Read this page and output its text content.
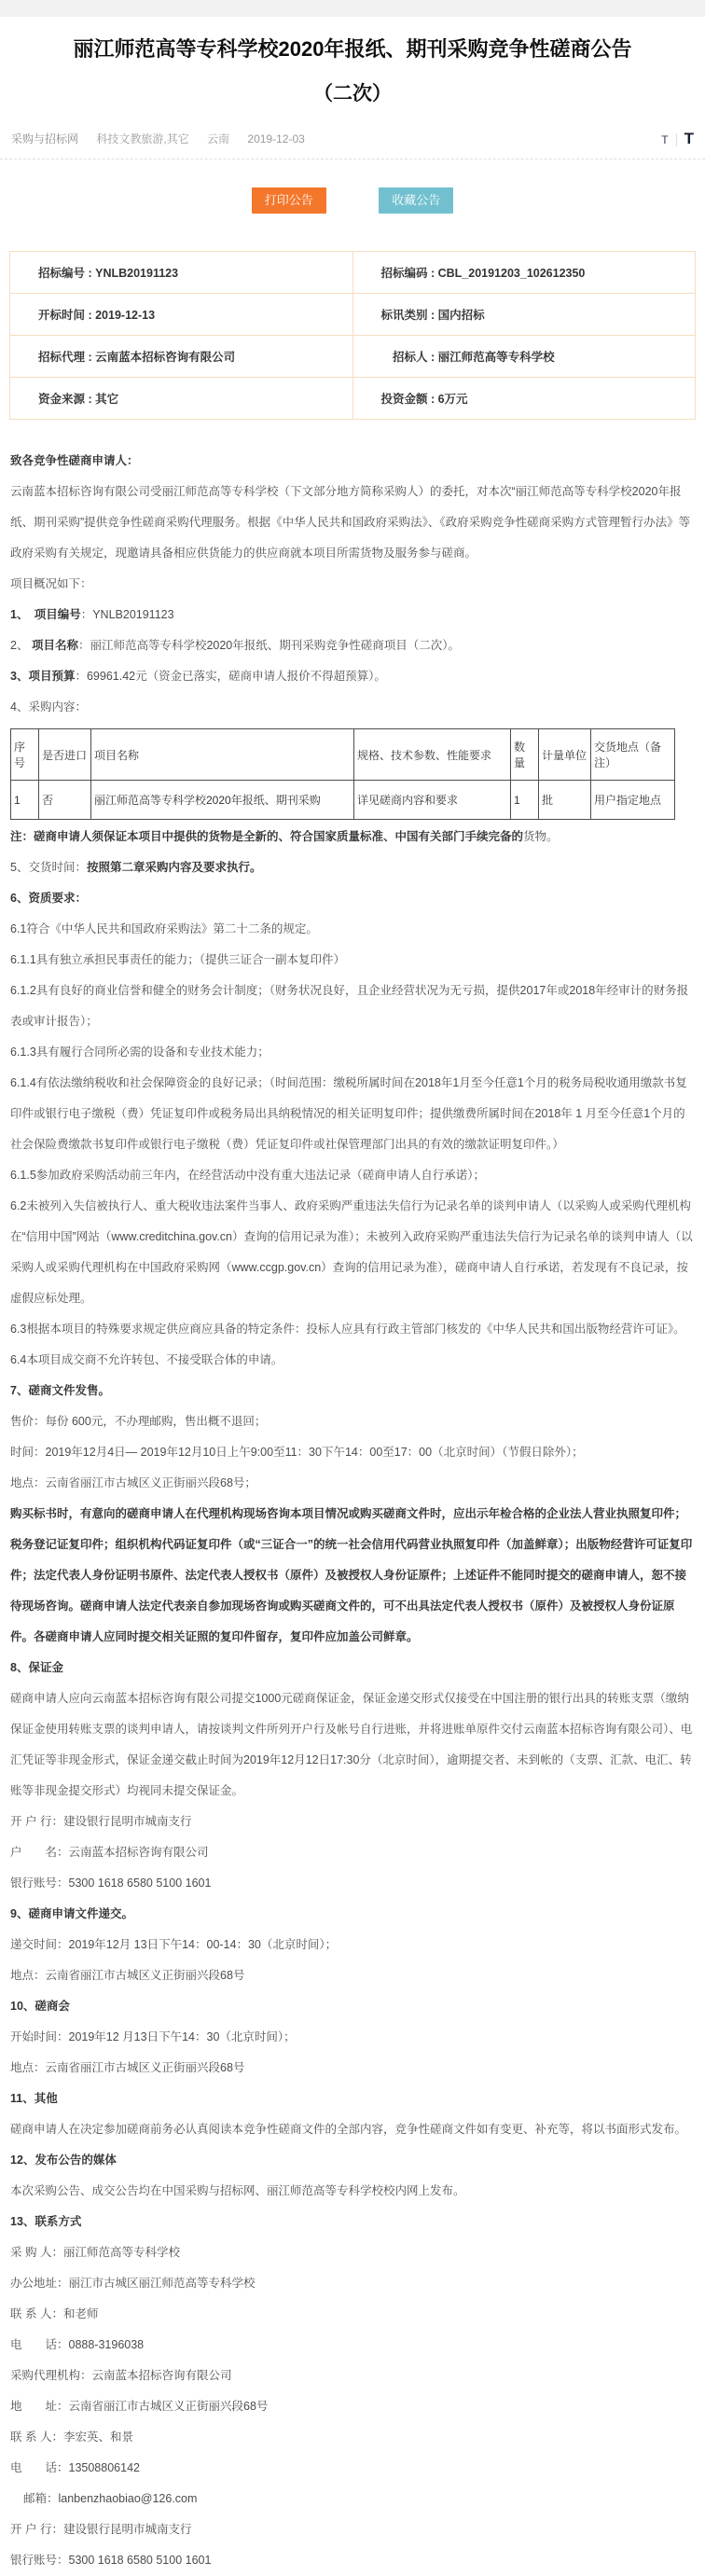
丽江师范高等专科学校2020年报纸、期刊采购竞争性磋商公告
（二次）
采购与招标网 科技文教旅游,其它 云南 2019-12-03	T	T
打印公告	收藏公告
招标编号 : YNLB20191123	招标编码 : CBL_20191203_102612350
开标时间 : 2019-12-13	标讯类别 : 国内招标
招标代理 : 云南蓝本招标咨询有限公司	　招标人 : 丽江师范高等专科学校
资金来源 : 其它	投资金额 : 6万元

致各竞争性磋商申请人：

云南蓝本招标咨询有限公司受丽江师范高等专科学校（下文部分地方简称采购人）的委托，对本次“丽江师范高等专科学校2020年报纸、期刊采购”提供竞争性磋商采购代理服务。根据《中华人民共和国政府采购法》、《政府采购竞争性磋商采购方式管理暂行办法》等政府采购有关规定，现邀请具备相应供货能力的供应商就本项目所需货物及服务参与磋商。

项目概况如下：

1、　项目编号：YNLB20191123

2、 项目名称：丽江师范高等专科学校2020年报纸、期刊采购竞争性磋商项目（二次）。

3、项目预算：69961.42元（资金已落实，磋商申请人报价不得超预算）。

4、采购内容：

序号	是否进口	项目名称	规格、技术参数、性能要求	数量	计量单位	交货地点（备注）
1	否	丽江师范高等专科学校2020年报纸、期刊采购	详见磋商内容和要求	1	批	用户指定地点

注：磋商申请人须保证本项目中提供的货物是全新的、符合国家质量标准、中国有关部门手续完备的货物。

5、交货时间：按照第二章采购内容及要求执行。

6、资质要求：

6.1符合《中华人民共和国政府采购法》第二十二条的规定。

6.1.1具有独立承担民事责任的能力；（提供三证合一副本复印件）

6.1.2具有良好的商业信誉和健全的财务会计制度；（财务状况良好，且企业经营状况为无亏损，提供2017年或2018年经审计的财务报表或审计报告）；

6.1.3具有履行合同所必需的设备和专业技术能力；

6.1.4有依法缴纳税收和社会保障资金的良好记录；（时间范围：缴税所属时间在2018年1月至今任意1个月的税务局税收通用缴款书复印件或银行电子缴税（费）凭证复印件或税务局出具纳税情况的相关证明复印件；提供缴费所属时间在2018年 1 月至今任意1个月的社会保险费缴款书复印件或银行电子缴税（费）凭证复印件或社保管理部门出具的有效的缴款证明复印件。）

6.1.5参加政府采购活动前三年内，在经营活动中没有重大违法记录（磋商申请人自行承诺）；

6.2未被列入失信被执行人、重大税收违法案件当事人、政府采购严重违法失信行为记录名单的谈判申请人（以采购人或采购代理机构在“信用中国”网站（www.creditchina.gov.cn）查询的信用记录为准）；未被列入政府采购严重违法失信行为记录名单的谈判申请人（以采购人或采购代理机构在中国政府采购网（www.ccgp.gov.cn）查询的信用记录为准），磋商申请人自行承诺，若发现有不良记录，按虚假应标处理。

6.3根据本项目的特殊要求规定供应商应具备的特定条件：投标人应具有行政主管部门核发的《中华人民共和国出版物经营许可证》。

6.4本项目成交商不允许转包、不接受联合体的申请。

7、磋商文件发售。

售价：每份 600元，不办理邮购，售出概不退回；

时间：2019年12月4日— 2019年12月10日上午9:00至11：30下午14：00至17：00（北京时间）（节假日除外）；

地点：云南省丽江市古城区义正街丽兴段68号；

购买标书时，有意向的磋商申请人在代理机构现场咨询本项目情况或购买磋商文件时，应出示年检合格的企业法人营业执照复印件；税务登记证复印件；组织机构代码证复印件（或“三证合一”的统一社会信用代码营业执照复印件（加盖鲜章）；出版物经营许可证复印件；法定代表人身份证明书原件、法定代表人授权书（原件）及被授权人身份证原件；上述证件不能同时提交的磋商申请人，恕不接待现场咨询。磋商申请人法定代表亲自参加现场咨询或购买磋商文件的，可不出具法定代表人授权书（原件）及被授权人身份证原件。各磋商申请人应同时提交相关证照的复印件留存，复印件应加盖公司鲜章。

8、保证金

磋商申请人应向云南蓝本招标咨询有限公司提交1000元磋商保证金，保证金递交形式仅接受在中国注册的银行出具的转账支票（缴纳保证金使用转账支票的谈判申请人，请按谈判文件所列开户行及帐号自行进账，并将进账单原件交付云南蓝本招标咨询有限公司）、电汇凭证等非现金形式，保证金递交截止时间为2019年12月12日17:30分（北京时间），逾期提交者、未到帐的（支票、汇款、电汇、转账等非现金提交形式）均视同未提交保证金。

开 户 行：建设银行昆明市城南支行

户　　名：云南蓝本招标咨询有限公司

银行账号：5300 1618 6580 5100 1601

9、磋商申请文件递交。

递交时间：2019年12月 13日下午14：00-14：30（北京时间）；

地点：云南省丽江市古城区义正街丽兴段68号

10、磋商会

开始时间：2019年12 月13日下午14：30（北京时间）；

地点：云南省丽江市古城区义正街丽兴段68号

11、其他

磋商申请人在决定参加磋商前务必认真阅读本竞争性磋商文件的全部内容，竞争性磋商文件如有变更、补充等，将以书面形式发布。

12、发布公告的媒体

本次采购公告、成交公告均在中国采购与招标网、丽江师范高等专科学校校内网上发布。

13、联系方式

采 购 人：丽江师范高等专科学校

办公地址：丽江市古城区丽江师范高等专科学校

联 系 人：和老师

电　　话：0888-3196038

采购代理机构：云南蓝本招标咨询有限公司

地　　址：云南省丽江市古城区义正街丽兴段68号

联 系 人：李宏英、和景

电　　话：13508806142

邮箱：lanbenzhaobiao@126.com

开 户 行：建设银行昆明市城南支行

银行账号：5300 1618 6580 5100 1601
